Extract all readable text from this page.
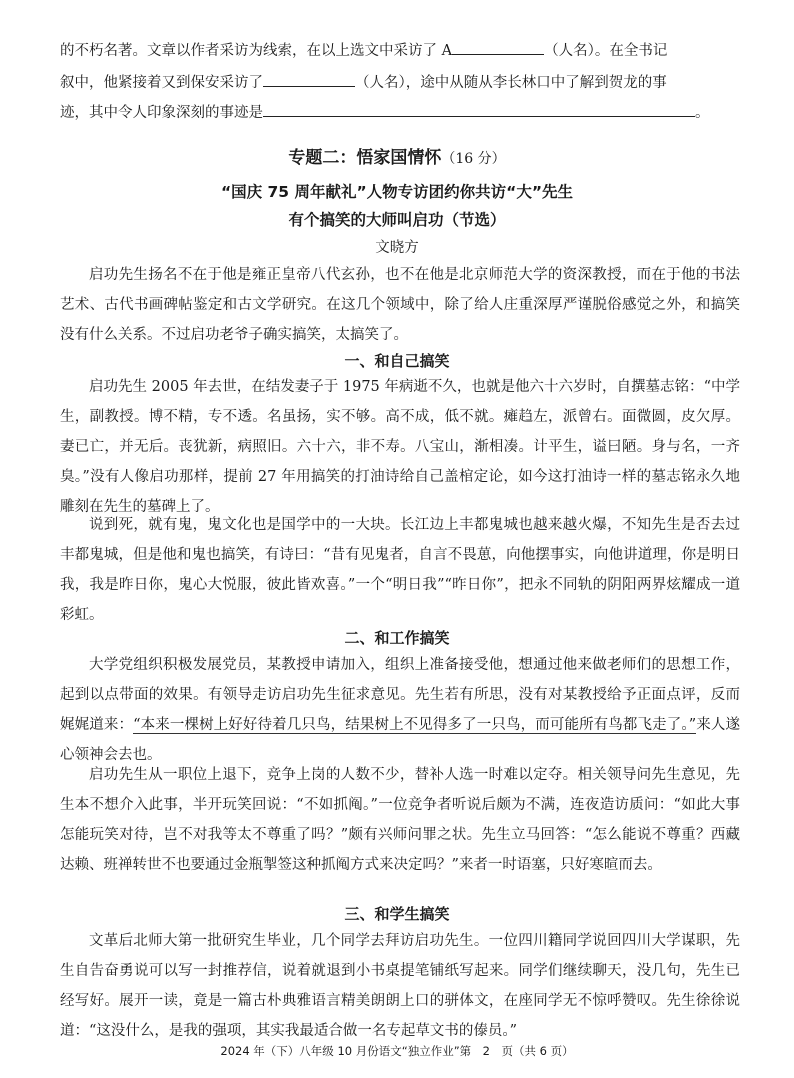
的不朽名著。文章以作者采访为线索，在以上选文中采访了 A	（人名）。在全书记
叙中，他紧接着又到保安采访了	（人名），途中从随从李长林口中了解到贺龙的事
迹，其中令人印象深刻的事迹是	。
专题二：悟家国情怀（16 分）
“国庆 75 周年献礼”人物专访团约你共访“大”先生
有个搞笑的大师叫启功（节选）
文晓方
启功先生扬名不在于他是雍正皇帝八代玄孙，也不在他是北京师范大学的资深教授，而在于他的书法艺术、古代书画碑帖鉴定和古文学研究。在这几个领域中，除了给人庄重深厚严谨脱俗感觉之外，和搞笑没有什么关系。不过启功老爷子确实搞笑，太搞笑了。
一、和自己搞笑
启功先生 2005 年去世，在结发妻子于 1975 年病逝不久，也就是他六十六岁时，自撰墓志铭：“中学生，副教授。博不精，专不透。名虽扬，实不够。高不成，低不就。瘫趋左，派曾右。面微圆，皮欠厚。妻已亡，并无后。丧犹新，病照旧。六十六，非不寿。八宝山，渐相凑。计平生，谥曰陋。身与名，一齐臭。”没有人像启功那样，提前 27 年用搞笑的打油诗给自己盖棺定论，如今这打油诗一样的墓志铭永久地雕刻在先生的墓碑上了。
说到死，就有鬼，鬼文化也是国学中的一大块。长江边上丰都鬼城也越来越火爆，不知先生是否去过丰都鬼城，但是他和鬼也搞笑，有诗曰：“昔有见鬼者，自言不畏葸，向他摆事实，向他讲道理，你是明日我，我是昨日你，鬼心大悦服，彼此皆欢喜。”一个“明日我”“昨日你”，把永不同轨的阴阳两界炫耀成一道彩虹。
二、和工作搞笑
大学党组织积极发展党员，某教授申请加入，组织上准备接受他，想通过他来做老师们的思想工作，起到以点带面的效果。有领导走访启功先生征求意见。先生若有所思，没有对某教授给予正面点评，反而娓娓道来：“本来一棵树上好好待着几只鸟，结果树上不见得多了一只鸟，而可能所有鸟都飞走了。”来人遂心领神会去也。
启功先生从一职位上退下，竞争上岗的人数不少，替补人选一时难以定夺。相关领导问先生意见，先生本不想介入此事，半开玩笑回说：“不如抓阄。”一位竞争者听说后颇为不满，连夜造访质问：“如此大事怎能玩笑对待，岂不对我等太不尊重了吗？”颇有兴师问罪之状。先生立马回答：“怎么能说不尊重？西藏达赖、班禅转世不也要通过金瓶掣签这种抓阄方式来决定吗？”来者一时语塞，只好寒暄而去。
三、和学生搞笑
文革后北师大第一批研究生毕业，几个同学去拜访启功先生。一位四川籍同学说回四川大学谋职，先生自告奋勇说可以写一封推荐信，说着就退到小书桌提笔铺纸写起来。同学们继续聊天，没几句，先生已经写好。展开一读，竟是一篇古朴典雅语言精美朗朗上口的骈体文，在座同学无不惊呼赞叹。先生徐徐说道：“这没什么，是我的强项，其实我最适合做一名专起草文书的傣员。”
2024 年（下）八年级 10 月份语文“独立作业”第　2　页（共 6 页）
